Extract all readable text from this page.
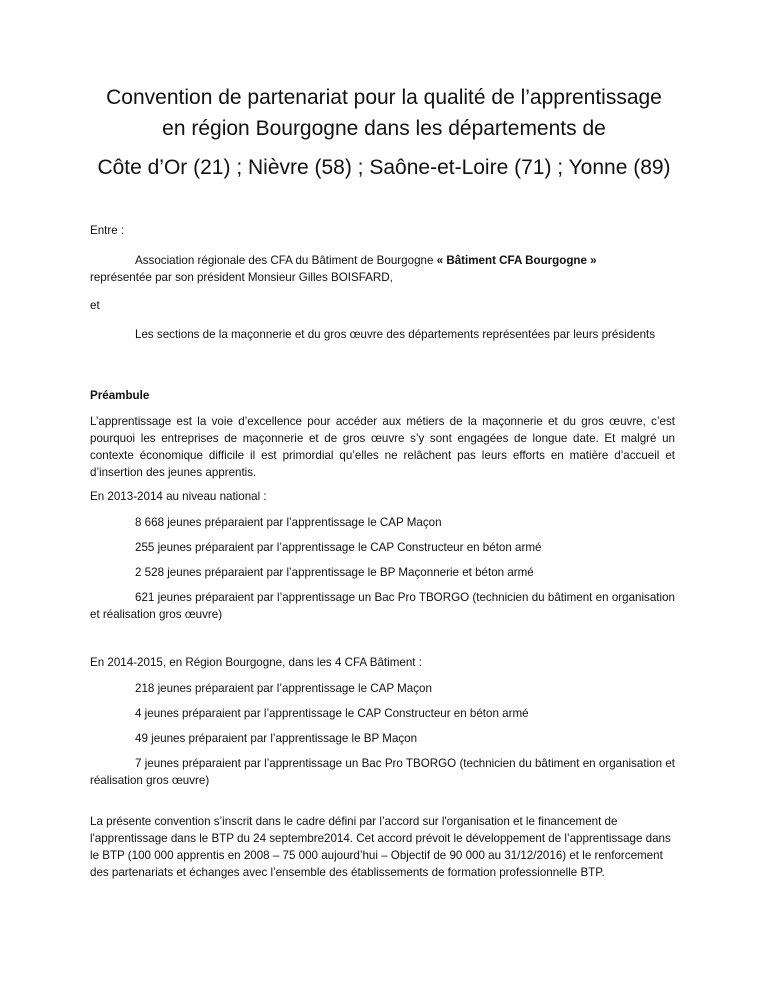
Convention de partenariat pour la qualité de l’apprentissage
en région Bourgogne dans les départements de
Côte d’Or (21) ; Nièvre (58) ; Saône-et-Loire (71) ; Yonne (89)
Entre :
Association régionale des CFA du Bâtiment de Bourgogne « Bâtiment CFA Bourgogne »
représentée par son président Monsieur Gilles BOISFARD,
et
Les sections de la maçonnerie et du gros œuvre des départements représentées par leurs présidents
Préambule
L’apprentissage est la voie d’excellence pour accéder aux métiers de la maçonnerie et du gros œuvre, c’est pourquoi les entreprises de maçonnerie et de gros œuvre s’y sont engagées de longue date. Et malgré un contexte économique difficile il est primordial qu’elles ne relâchent pas leurs efforts en matière d’accueil et d’insertion des jeunes apprentis.
En 2013-2014 au niveau national :
8 668 jeunes préparaient par l’apprentissage le CAP Maçon
255 jeunes préparaient par l’apprentissage le CAP Constructeur en béton armé
2 528 jeunes préparaient par l’apprentissage le BP Maçonnerie et béton armé
621 jeunes préparaient par l’apprentissage un Bac Pro TBORGO (technicien du bâtiment en organisation et réalisation gros œuvre)
En 2014-2015, en Région Bourgogne, dans les 4 CFA Bâtiment :
218 jeunes préparaient par l’apprentissage le CAP Maçon
4 jeunes préparaient par l’apprentissage le CAP Constructeur en béton armé
49 jeunes préparaient par l’apprentissage le BP Maçon
7 jeunes préparaient par l’apprentissage un Bac Pro TBORGO (technicien du bâtiment en organisation et réalisation gros œuvre)
La présente convention s’inscrit dans le cadre défini par l’accord sur l'organisation et le financement de l'apprentissage dans le BTP du 24 septembre2014. Cet accord prévoit le développement de l’apprentissage dans le BTP (100 000 apprentis en 2008 – 75 000 aujourd’hui – Objectif de 90 000 au 31/12/2016) et le renforcement des partenariats et échanges avec l’ensemble des établissements de formation professionnelle BTP.
